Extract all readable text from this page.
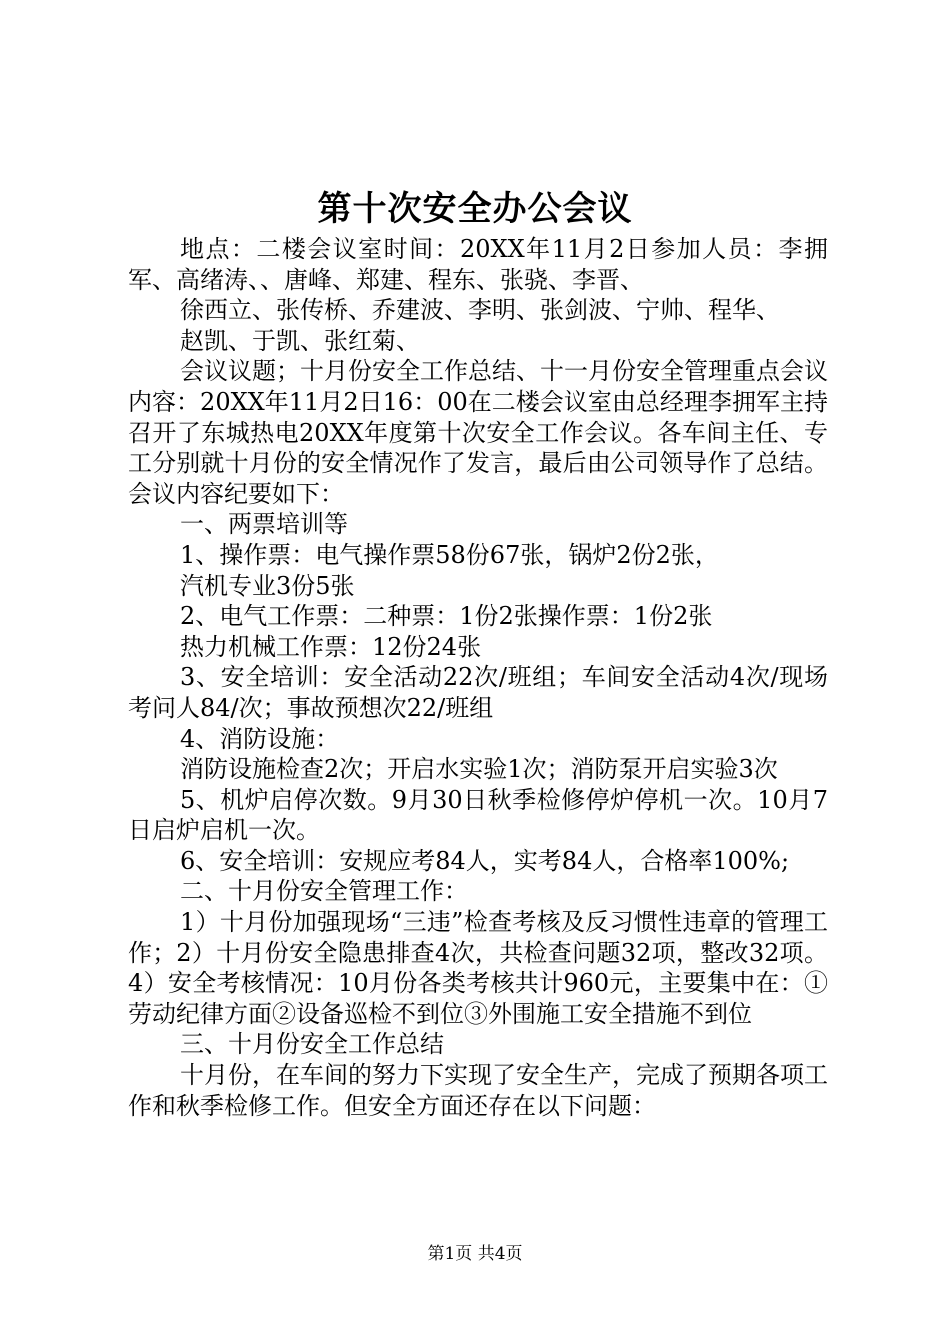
第十次安全办公会议

地点：二楼会议室时间：20XX年11月2日参加人员：李拥军、高绪涛、、唐峰、郑建、程东、张骁、李晋、

徐西立、张传桥、乔建波、李明、张剑波、宁帅、程华、

赵凯、于凯、张红菊、

会议议题；十月份安全工作总结、十一月份安全管理重点会议内容：20XX年11月2日16：00在二楼会议室由总经理李拥军主持召开了东城热电20XX年度第十次安全工作会议。各车间主任、专工分别就十月份的安全情况作了发言，最后由公司领导作了总结。会议内容纪要如下：

一、两票培训等

1、操作票：电气操作票58份67张，锅炉2份2张，

汽机专业3份5张

2、电气工作票：二种票：1份2张操作票：1份2张

热力机械工作票：12份24张

3、安全培训：安全活动22次/班组；车间安全活动4次/现场考问人84/次；事故预想次22/班组

4、消防设施：

消防设施检查2次；开启水实验1次；消防泵开启实验3次

5、机炉启停次数。9月30日秋季检修停炉停机一次。10月7日启炉启机一次。

6、安全培训：安规应考84人，实考84人，合格率100%;

二、十月份安全管理工作：

1）十月份加强现场“三违”检查考核及反习惯性违章的管理工作；2）十月份安全隐患排查4次，共检查问题32项，整改32项。4）安全考核情况：10月份各类考核共计960元，主要集中在：①劳动纪律方面②设备巡检不到位③外围施工安全措施不到位

三、十月份安全工作总结

十月份，在车间的努力下实现了安全生产，完成了预期各项工作和秋季检修工作。但安全方面还存在以下问题：

第1页 共4页
